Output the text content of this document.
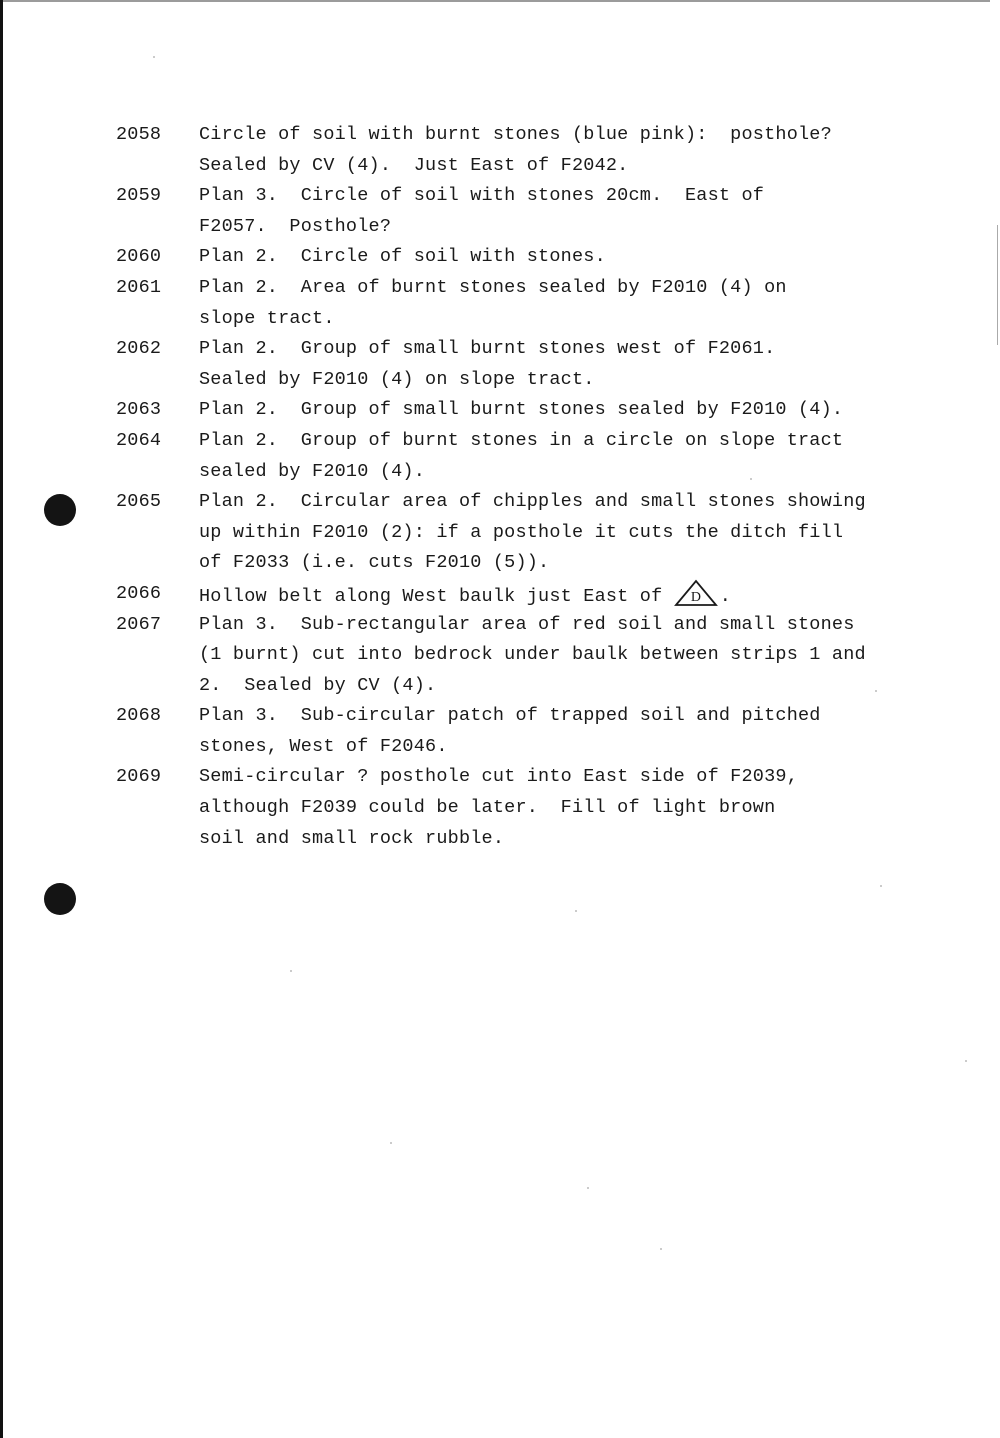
2058 Circle of soil with burnt stones (blue pink):  posthole?
Sealed by CV (4).  Just East of F2042.
2059 Plan 3.  Circle of soil with stones 20cm.  East of
F2057.  Posthole?
2060 Plan 2.  Circle of soil with stones.
2061 Plan 2.  Area of burnt stones sealed by F2010 (4) on
slope tract.
2062 Plan 2.  Group of small burnt stones west of F2061.
Sealed by F2010 (4) on slope tract.
2063 Plan 2.  Group of small burnt stones sealed by F2010 (4).
2064 Plan 2.  Group of burnt stones in a circle on slope tract
sealed by F2010 (4).
2065 Plan 2.  Circular area of chipples and small stones showing
up within F2010 (2): if a posthole it cuts the ditch fill
of F2033 (i.e. cuts F2010 (5)).
2066 Hollow belt along West baulk just East of D .
2067 Plan 3.  Sub-rectangular area of red soil and small stones
(1 burnt) cut into bedrock under baulk between strips 1 and
2.  Sealed by CV (4).
2068 Plan 3.  Sub-circular patch of trapped soil and pitched
stones, West of F2046.
2069 Semi-circular ? posthole cut into East side of F2039,
although F2039 could be later.  Fill of light brown
soil and small rock rubble.
